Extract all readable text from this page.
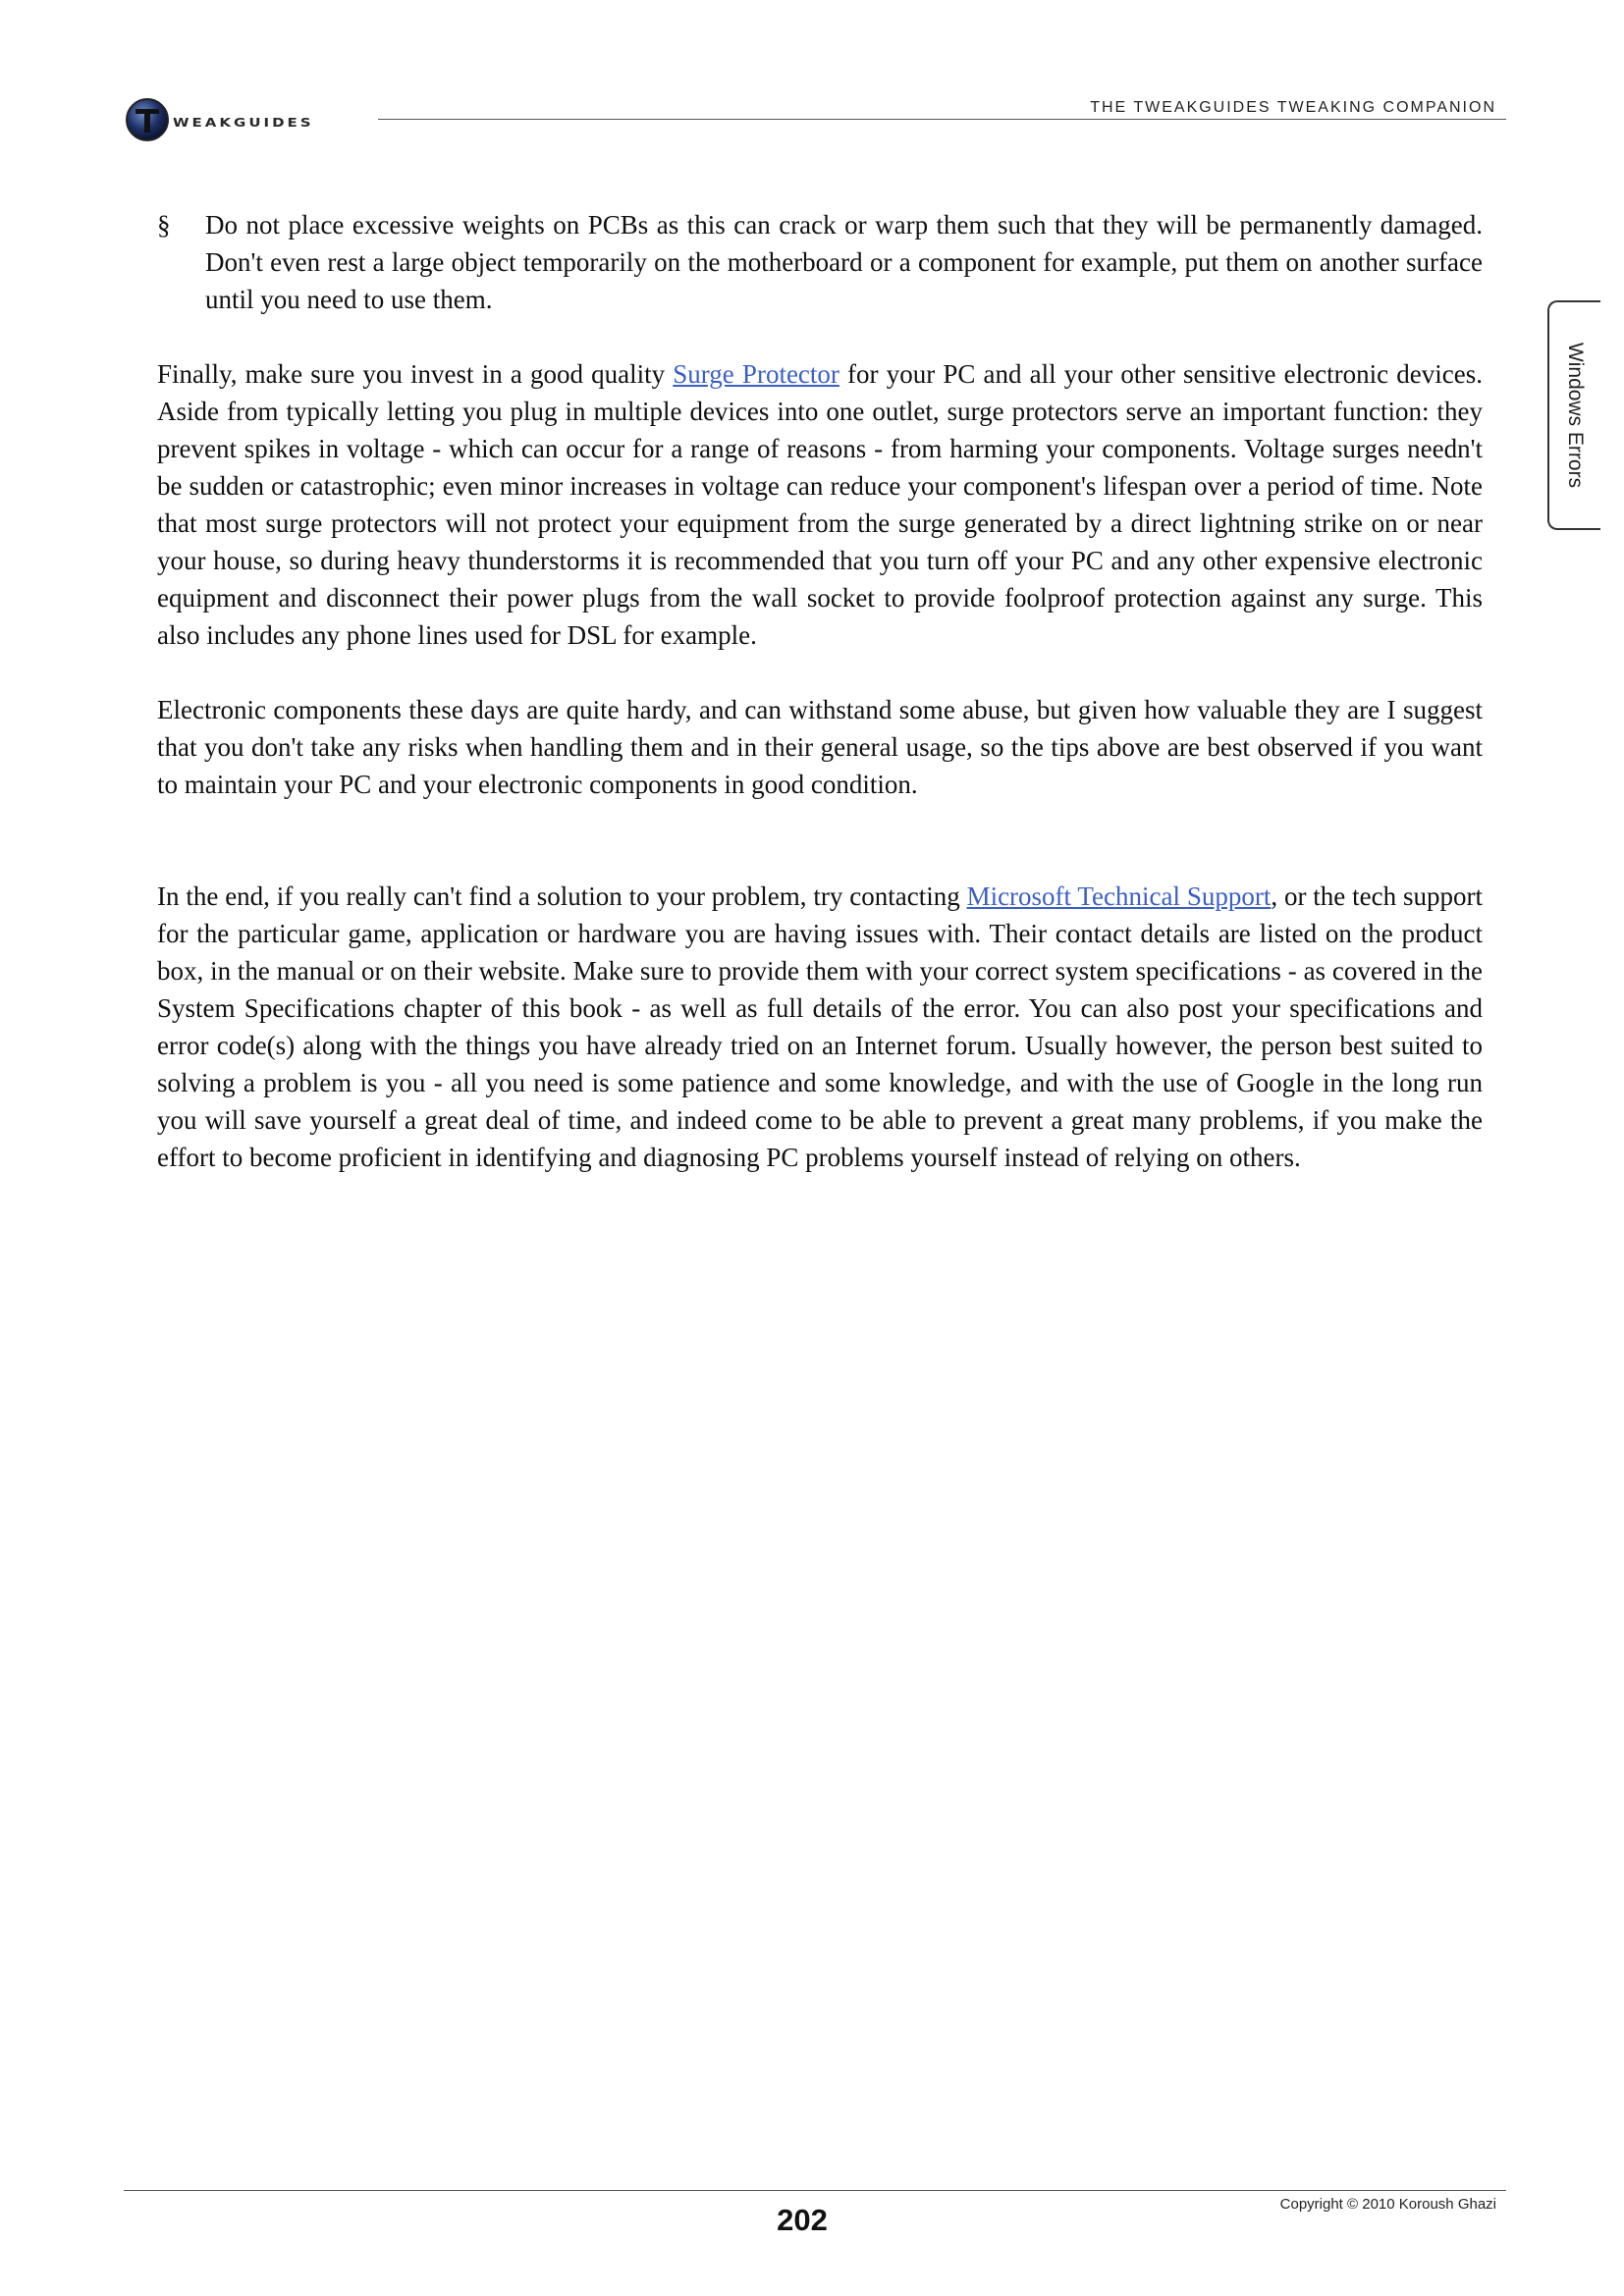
WEAKGUIDES
THE TWEAKGUIDES TWEAKING COMPANION
Windows Errors
§ Do not place excessive weights on PCBs as this can crack or warp them such that they will be permanently damaged. Don't even rest a large object temporarily on the motherboard or a component for example, put them on another surface until you need to use them.

Finally, make sure you invest in a good quality Surge Protector for your PC and all your other sensitive electronic devices. Aside from typically letting you plug in multiple devices into one outlet, surge protectors serve an important function: they prevent spikes in voltage - which can occur for a range of reasons - from harming your components. Voltage surges needn't be sudden or catastrophic; even minor increases in voltage can reduce your component's lifespan over a period of time. Note that most surge protectors will not protect your equipment from the surge generated by a direct lightning strike on or near your house, so during heavy thunderstorms it is recommended that you turn off your PC and any other expensive electronic equipment and disconnect their power plugs from the wall socket to provide foolproof protection against any surge. This also includes any phone lines used for DSL for example.

Electronic components these days are quite hardy, and can withstand some abuse, but given how valuable they are I suggest that you don't take any risks when handling them and in their general usage, so the tips above are best observed if you want to maintain your PC and your electronic components in good condition.

In the end, if you really can't find a solution to your problem, try contacting Microsoft Technical Support, or the tech support for the particular game, application or hardware you are having issues with. Their contact details are listed on the product box, in the manual or on their website. Make sure to provide them with your correct system specifications - as covered in the System Specifications chapter of this book - as well as full details of the error. You can also post your specifications and error code(s) along with the things you have already tried on an Internet forum. Usually however, the person best suited to solving a problem is you - all you need is some patience and some knowledge, and with the use of Google in the long run you will save yourself a great deal of time, and indeed come to be able to prevent a great many problems, if you make the effort to become proficient in identifying and diagnosing PC problems yourself instead of relying on others.

Copyright © 2010 Koroush Ghazi
202
